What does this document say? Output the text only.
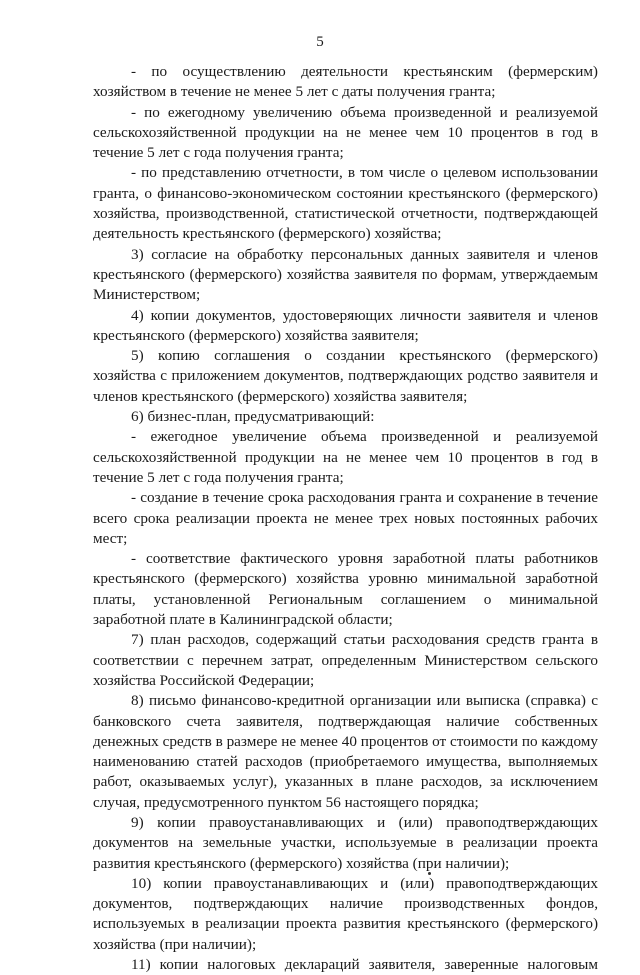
5

- по осуществлению деятельности крестьянским (фермерским) хозяйством в течение не менее 5 лет с даты получения гранта;

- по ежегодному увеличению объема произведенной и реализуемой сельскохозяйственной продукции на не менее чем 10 процентов в год в течение 5 лет с года получения гранта;

- по представлению отчетности, в том числе о целевом использовании гранта, о финансово-экономическом состоянии крестьянского (фермерского) хозяйства, производственной, статистической отчетности, подтверждающей деятельность крестьянского (фермерского) хозяйства;

3) согласие на обработку персональных данных заявителя и членов крестьянского (фермерского) хозяйства заявителя по формам, утверждаемым Министерством;

4) копии документов, удостоверяющих личности заявителя и членов крестьянского (фермерского) хозяйства заявителя;

5) копию соглашения о создании крестьянского (фермерского) хозяйства с приложением документов, подтверждающих родство заявителя и членов крестьянского (фермерского) хозяйства заявителя;

6) бизнес-план, предусматривающий:

- ежегодное увеличение объема произведенной и реализуемой сельскохозяйственной продукции на не менее чем 10 процентов в год в течение 5 лет с года получения гранта;

- создание в течение срока расходования гранта и сохранение в течение всего срока реализации проекта не менее трех новых постоянных рабочих мест;

- соответствие фактического уровня заработной платы работников крестьянского (фермерского) хозяйства уровню минимальной заработной платы, установленной Региональным соглашением о минимальной заработной плате в Калининградской области;

7) план расходов, содержащий статьи расходования средств гранта в соответствии с перечнем затрат, определенным Министерством сельского хозяйства Российской Федерации;

8) письмо финансово-кредитной организации или выписка (справка) с банковского счета заявителя, подтверждающая наличие собственных денежных средств в размере не менее 40 процентов от стоимости по каждому наименованию статей расходов (приобретаемого имущества, выполняемых работ, оказываемых услуг), указанных в плане расходов, за исключением случая, предусмотренного пунктом 56 настоящего порядка;

9) копии правоустанавливающих и (или) правоподтверждающих документов на земельные участки, используемые в реализации проекта развития крестьянского (фермерского) хозяйства (при наличии);

10) копии правоустанавливающих и (или) правоподтверждающих документов, подтверждающих наличие производственных фондов, используемых в реализации проекта развития крестьянского (фермерского) хозяйства (при наличии);

11) копии налоговых деклараций заявителя, заверенные налоговым
